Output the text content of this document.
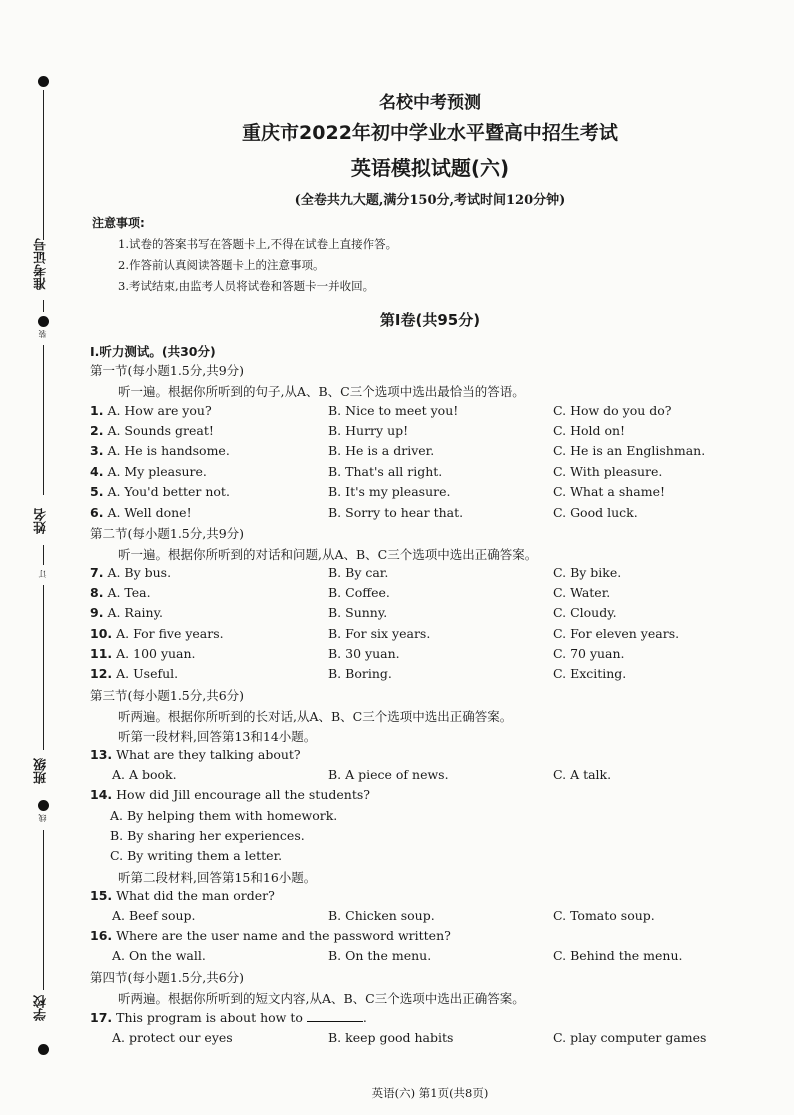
准考证号
装
姓名
订
班级
线
学校
名校中考预测
重庆市2022年初中学业水平暨高中招生考试
英语模拟试题(六)
(全卷共九大题,满分150分,考试时间120分钟)
注意事项:
1.试卷的答案书写在答题卡上,不得在试卷上直接作答。
2.作答前认真阅读答题卡上的注意事项。
3.考试结束,由监考人员将试卷和答题卡一并收回。
第Ⅰ卷(共95分)
Ⅰ.听力测试。(共30分)
第一节(每小题1.5分,共9分)
听一遍。根据你所听到的句子,从A、B、C三个选项中选出最恰当的答语。
1. A. How are you?	B. Nice to meet you!	C. How do you do?
2. A. Sounds great!	B. Hurry up!	C. Hold on!
3. A. He is handsome.	B. He is a driver.	C. He is an Englishman.
4. A. My pleasure.	B. That's all right.	C. With pleasure.
5. A. You'd better not.	B. It's my pleasure.	C. What a shame!
6. A. Well done!	B. Sorry to hear that.	C. Good luck.
第二节(每小题1.5分,共9分)
听一遍。根据你所听到的对话和问题,从A、B、C三个选项中选出正确答案。
7. A. By bus.	B. By car.	C. By bike.
8. A. Tea.	B. Coffee.	C. Water.
9. A. Rainy.	B. Sunny.	C. Cloudy.
10. A. For five years.	B. For six years.	C. For eleven years.
11. A. 100 yuan.	B. 30 yuan.	C. 70 yuan.
12. A. Useful.	B. Boring.	C. Exciting.
第三节(每小题1.5分,共6分)
听两遍。根据你所听到的长对话,从A、B、C三个选项中选出正确答案。
听第一段材料,回答第13和14小题。
13. What are they talking about?
A. A book.	B. A piece of news.	C. A talk.
14. How did Jill encourage all the students?
A. By helping them with homework.
B. By sharing her experiences.
C. By writing them a letter.
听第二段材料,回答第15和16小题。
15. What did the man order?
A. Beef soup.	B. Chicken soup.	C. Tomato soup.
16. Where are the user name and the password written?
A. On the wall.	B. On the menu.	C. Behind the menu.
第四节(每小题1.5分,共6分)
听两遍。根据你所听到的短文内容,从A、B、C三个选项中选出正确答案。
17. This program is about how to	.
A. protect our eyes	B. keep good habits	C. play computer games
英语(六) 第1页(共8页)
